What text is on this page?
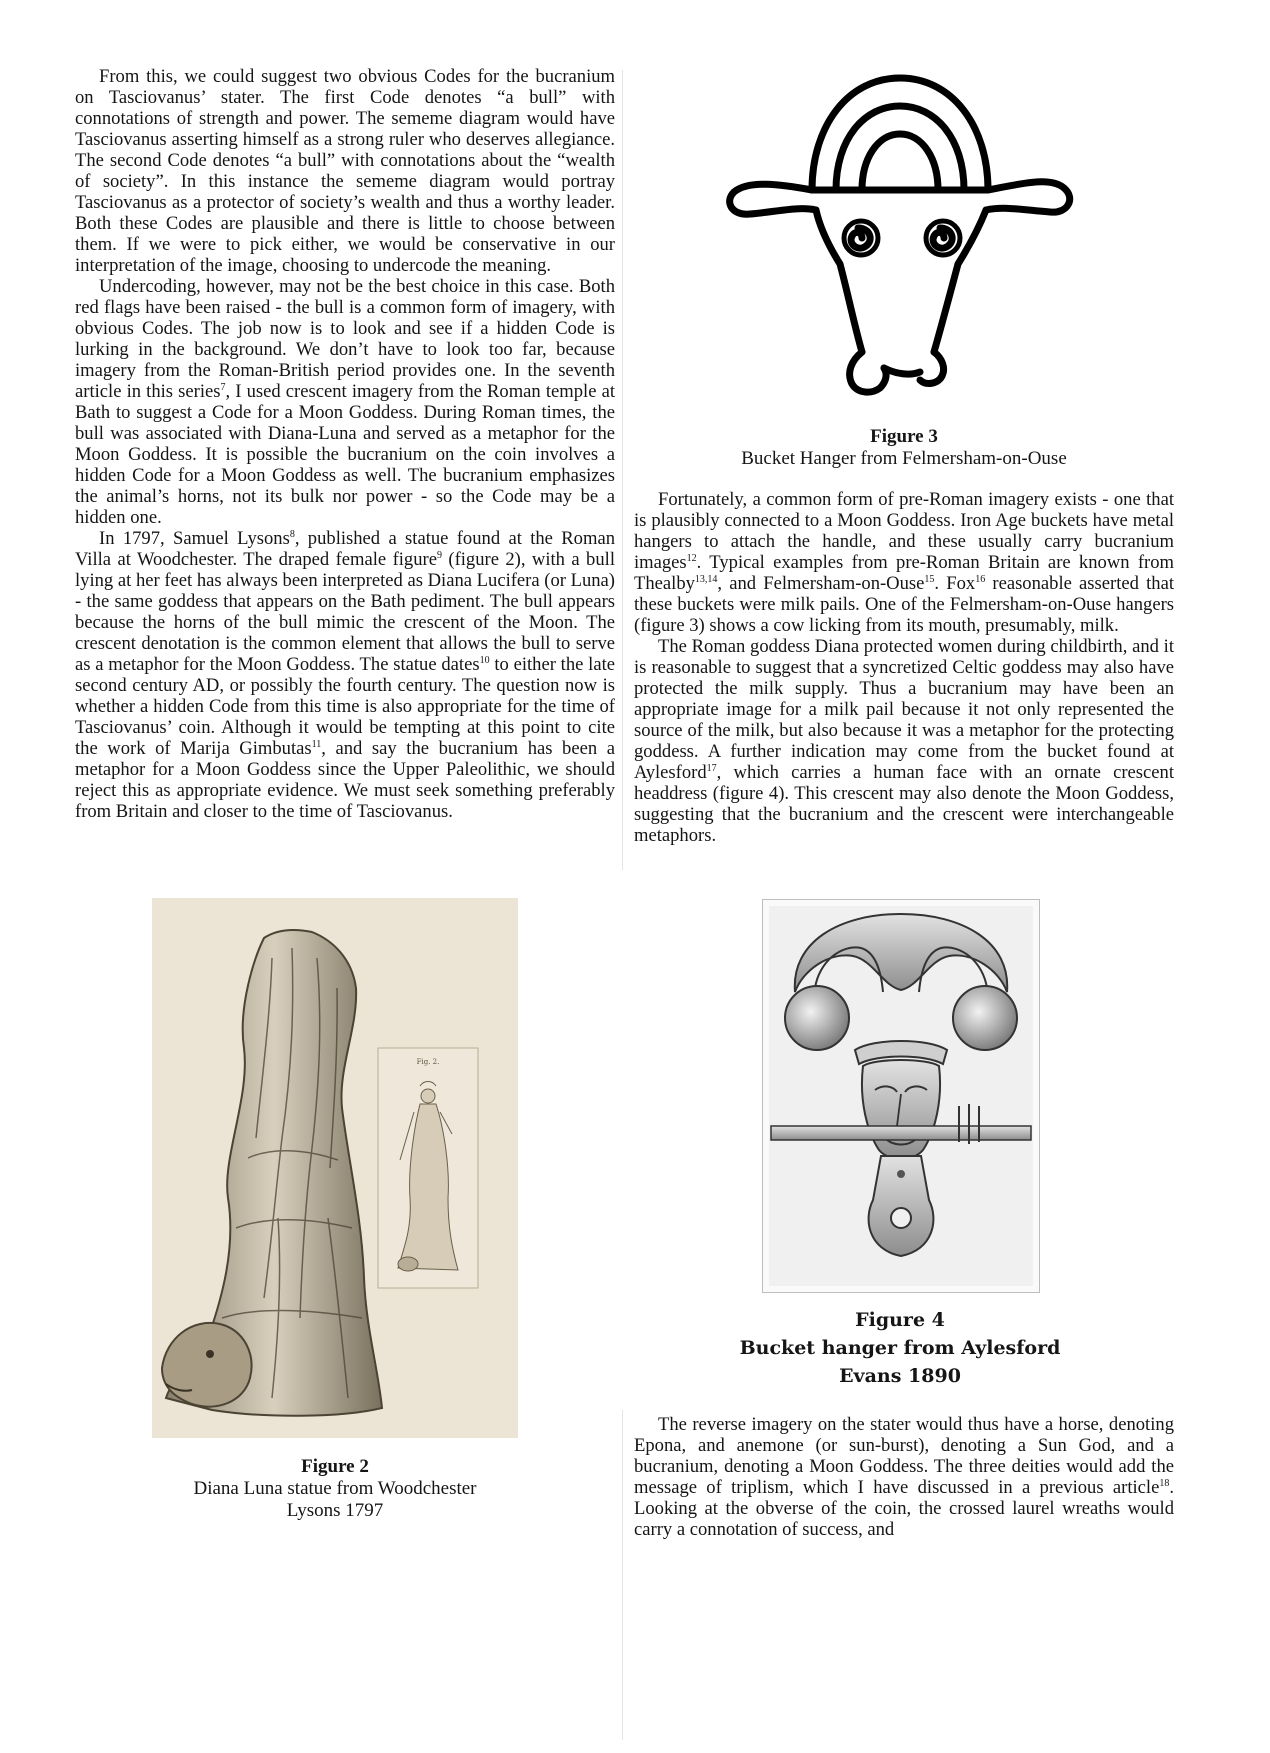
From this, we could suggest two obvious Codes for the bucranium on Tasciovanus’ stater. The first Code denotes “a bull” with connotations of strength and power. The sememe diagram would have Tasciovanus asserting himself as a strong ruler who deserves allegiance. The second Code denotes “a bull” with connotations about the “wealth of society”. In this instance the sememe diagram would portray Tasciovanus as a protector of society’s wealth and thus a worthy leader. Both these Codes are plausible and there is little to choose between them. If we were to pick either, we would be conservative in our interpretation of the image, choosing to undercode the meaning.

Undercoding, however, may not be the best choice in this case. Both red flags have been raised - the bull is a common form of imagery, with obvious Codes. The job now is to look and see if a hidden Code is lurking in the background. We don’t have to look too far, because imagery from the Roman-British period provides one. In the seventh article in this series$^7$, I used crescent imagery from the Roman temple at Bath to suggest a Code for a Moon Goddess. During Roman times, the bull was associated with Diana-Luna and served as a metaphor for the Moon Goddess. It is possible the bucranium on the coin involves a hidden Code for a Moon Goddess as well. The bucranium emphasizes the animal’s horns, not its bulk nor power - so the Code may be a hidden one.

In 1797, Samuel Lysons$^8$, published a statue found at the Roman Villa at Woodchester. The draped female figure$^9$ (figure 2), with a bull lying at her feet has always been interpreted as Diana Lucifera (or Luna) - the same goddess that appears on the Bath pediment. The bull appears because the horns of the bull mimic the crescent of the Moon. The crescent denotation is the common element that allows the bull to serve as a metaphor for the Moon Goddess. The statue dates$^{10}$ to either the late second century AD, or possibly the fourth century. The question now is whether a hidden Code from this time is also appropriate for the time of Tasciovanus’ coin. Although it would be tempting at this point to cite the work of Marija Gimbutas$^{11}$, and say the bucranium has been a metaphor for a Moon Goddess since the Upper Paleolithic, we should reject this as appropriate evidence. We must seek something preferably from Britain and closer to the time of Tasciovanus.

Figure 3
Bucket Hanger from Felmersham-on-Ouse

Fortunately, a common form of pre-Roman imagery exists - one that is plausibly connected to a Moon Goddess. Iron Age buckets have metal hangers to attach the handle, and these usually carry bucranium images$^{12}$. Typical examples from pre-Roman Britain are known from Thealby$^{13,14}$, and Felmersham-on-Ouse$^{15}$. Fox$^{16}$ reasonable asserted that these buckets were milk pails. One of the Felmersham-on-Ouse hangers (figure 3) shows a cow licking from its mouth, presumably, milk.

The Roman goddess Diana protected women during childbirth, and it is reasonable to suggest that a syncretized Celtic goddess may also have protected the milk supply. Thus a bucranium may have been an appropriate image for a milk pail because it not only represented the source of the milk, but also because it was a metaphor for the protecting goddess. A further indication may come from the bucket found at Aylesford$^{17}$, which carries a human face with an ornate crescent headdress (figure 4). This crescent may also denote the Moon Goddess, suggesting that the bucranium and the crescent were interchangeable metaphors.

Fig. 2.
Figure 2
Diana Luna statue from Woodchester
Lysons 1797
Figure 4
Bucket hanger from Aylesford
Evans 1890

The reverse imagery on the stater would thus have a horse, denoting Epona, and anemone (or sun-burst), denoting a Sun God, and a bucranium, denoting a Moon Goddess. The three deities would add the message of triplism, which I have discussed in a previous article$^{18}$. Looking at the obverse of the coin, the crossed laurel wreaths would carry a connotation of success, and
